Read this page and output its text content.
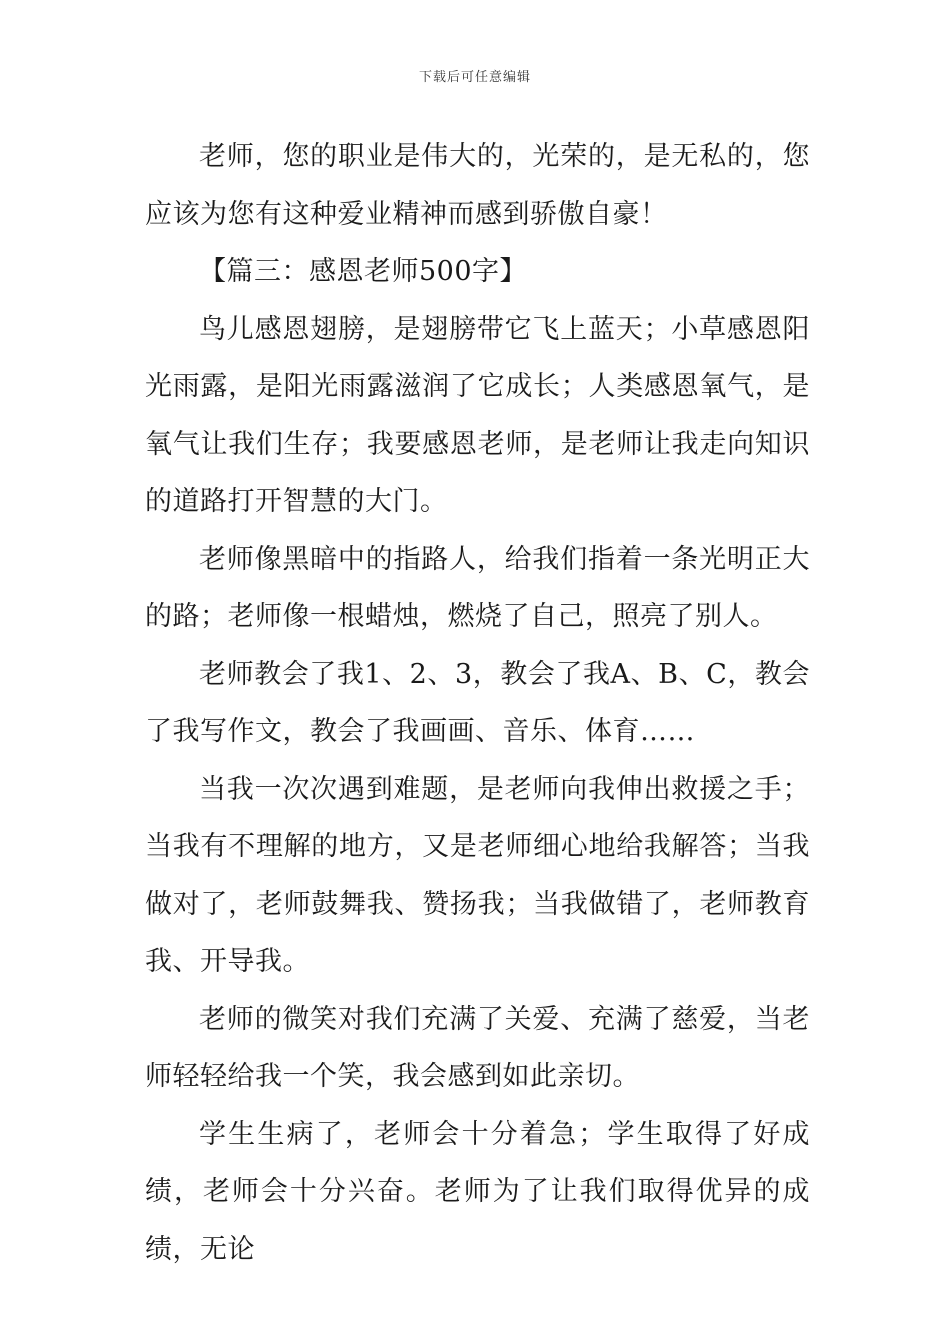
下载后可任意编辑

老师，您的职业是伟大的，光荣的，是无私的，您应该为您有这种爱业精神而感到骄傲自豪！

【篇三：感恩老师500字】

鸟儿感恩翅膀，是翅膀带它飞上蓝天；小草感恩阳光雨露，是阳光雨露滋润了它成长；人类感恩氧气，是氧气让我们生存；我要感恩老师，是老师让我走向知识的道路打开智慧的大门。

老师像黑暗中的指路人，给我们指着一条光明正大的路；老师像一根蜡烛，燃烧了自己，照亮了别人。

老师教会了我1、2、3，教会了我A、B、C，教会了我写作文，教会了我画画、音乐、体育……

当我一次次遇到难题，是老师向我伸出救援之手；当我有不理解的地方，又是老师细心地给我解答；当我做对了，老师鼓舞我、赞扬我；当我做错了，老师教育我、开导我。

老师的微笑对我们充满了关爱、充满了慈爱，当老师轻轻给我一个笑，我会感到如此亲切。

学生生病了，老师会十分着急；学生取得了好成绩，老师会十分兴奋。老师为了让我们取得优异的成绩，无论
